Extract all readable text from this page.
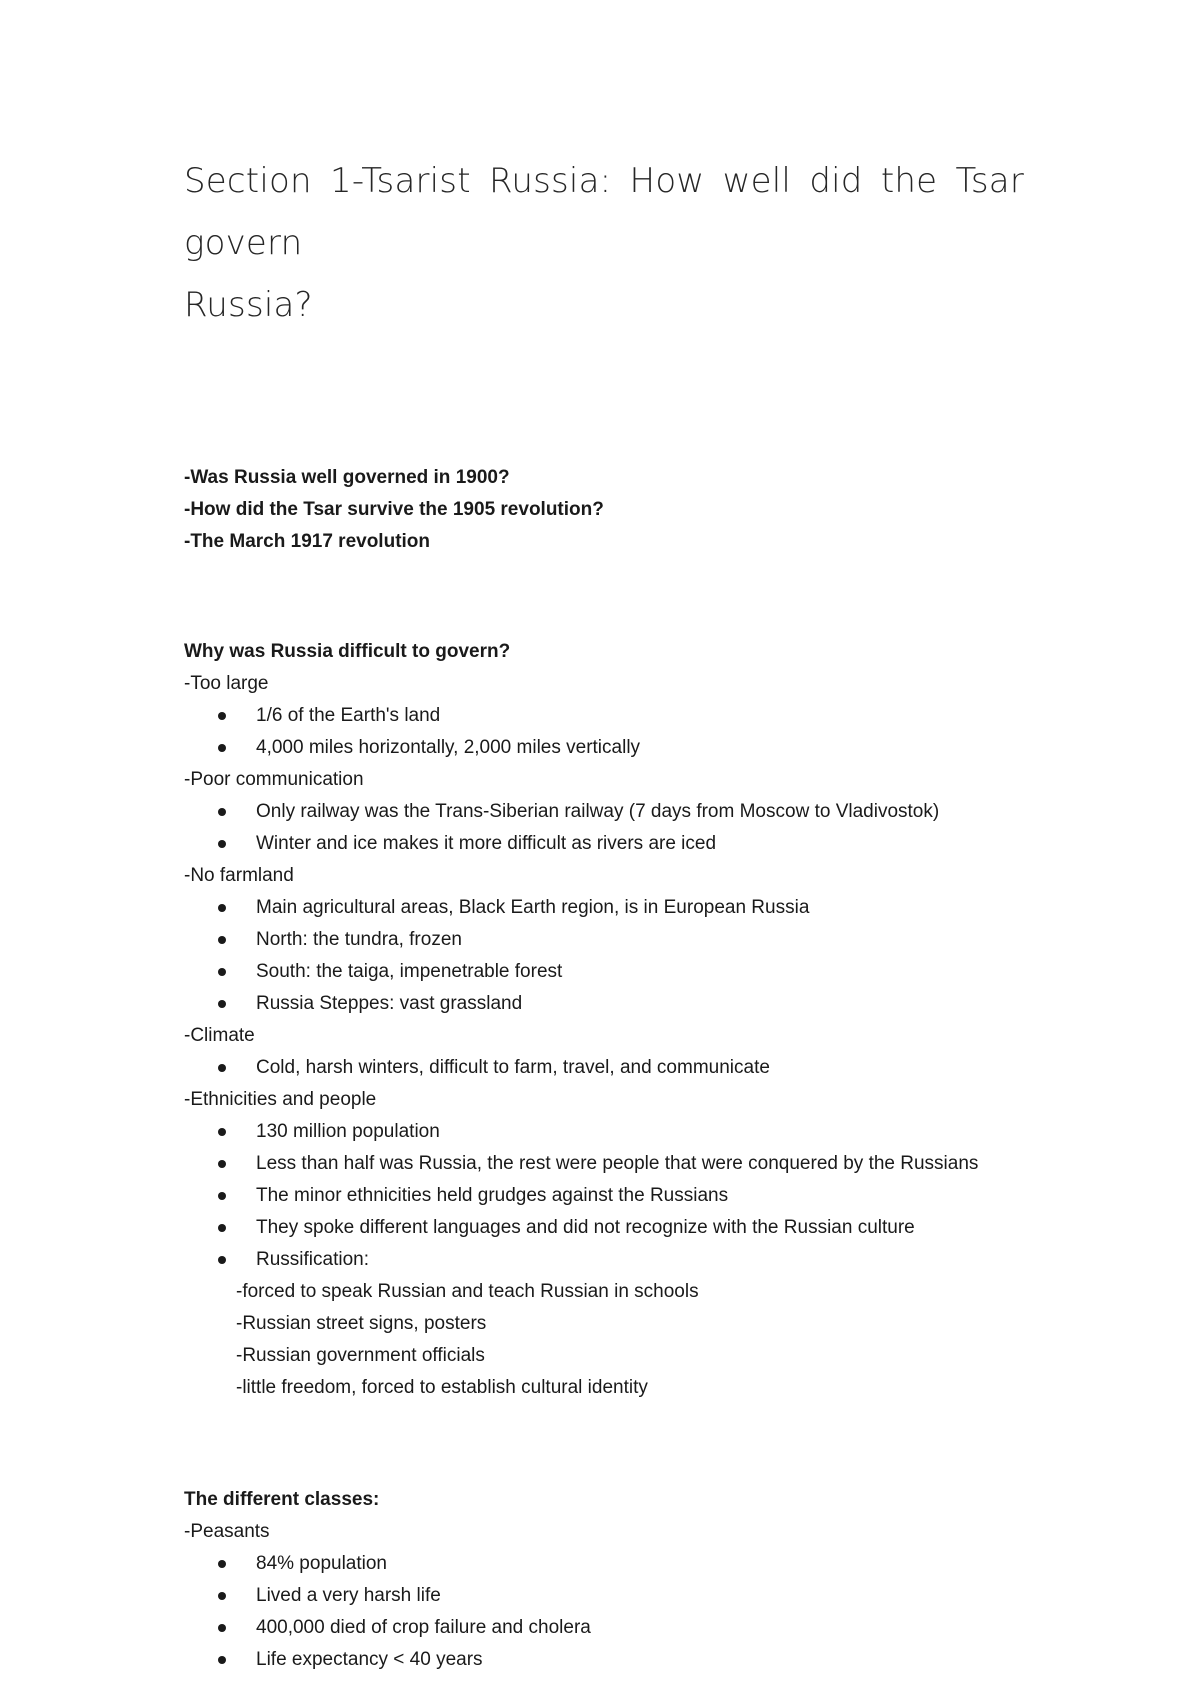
Section 1-Tsarist Russia: How well did the Tsar govern
Russia?
-Was Russia well governed in 1900?
-How did the Tsar survive the 1905 revolution?
-The March 1917 revolution
Why was Russia difficult to govern?
-Too large
1/6 of the Earth's land
4,000 miles horizontally, 2,000 miles vertically
-Poor communication
Only railway was the Trans-Siberian railway (7 days from Moscow to Vladivostok)
Winter and ice makes it more difficult as rivers are iced
-No farmland
Main agricultural areas, Black Earth region, is in European Russia
North: the tundra, frozen
South: the taiga, impenetrable forest
Russia Steppes: vast grassland
-Climate
Cold, harsh winters, difficult to farm, travel, and communicate
-Ethnicities and people
130 million population
Less than half was Russia, the rest were people that were conquered by the Russians
The minor ethnicities held grudges against the Russians
They spoke different languages and did not recognize with the Russian culture
Russification:
-forced to speak Russian and teach Russian in schools
-Russian street signs, posters
-Russian government officials
-little freedom, forced to establish cultural identity
The different classes:
-Peasants
84% population
Lived a very harsh life
400,000 died of crop failure and cholera
Life expectancy < 40 years
